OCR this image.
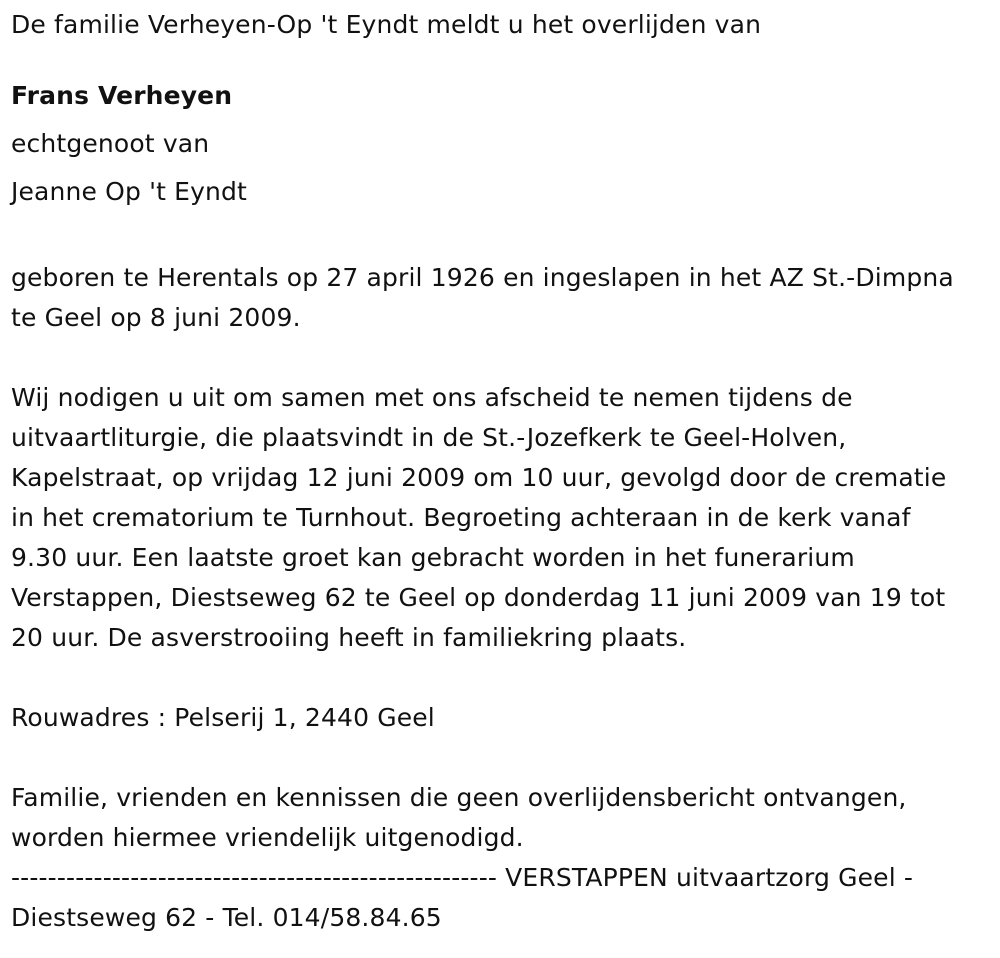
De familie Verheyen-Op 't Eyndt meldt u het overlijden van
Frans Verheyen
echtgenoot van
Jeanne Op 't Eyndt
geboren te Herentals op 27 april 1926 en ingeslapen in het AZ St.-Dimpna
te Geel op 8 juni 2009.
Wij nodigen u uit om samen met ons afscheid te nemen tijdens de
uitvaartliturgie, die plaatsvindt in de St.-Jozefkerk te Geel-Holven,
Kapelstraat, op vrijdag 12 juni 2009 om 10 uur, gevolgd door de crematie
in het crematorium te Turnhout. Begroeting achteraan in de kerk vanaf
9.30 uur. Een laatste groet kan gebracht worden in het funerarium
Verstappen, Diestseweg 62 te Geel op donderdag 11 juni 2009 van 19 tot
20 uur. De asverstrooiing heeft in familiekring plaats.
Rouwadres : Pelserij 1, 2440 Geel
Familie, vrienden en kennissen die geen overlijdensbericht ontvangen,
worden hiermee vriendelijk uitgenodigd.
----------------------------------------------------- VERSTAPPEN uitvaartzorg Geel -
Diestseweg 62 - Tel. 014/58.84.65
